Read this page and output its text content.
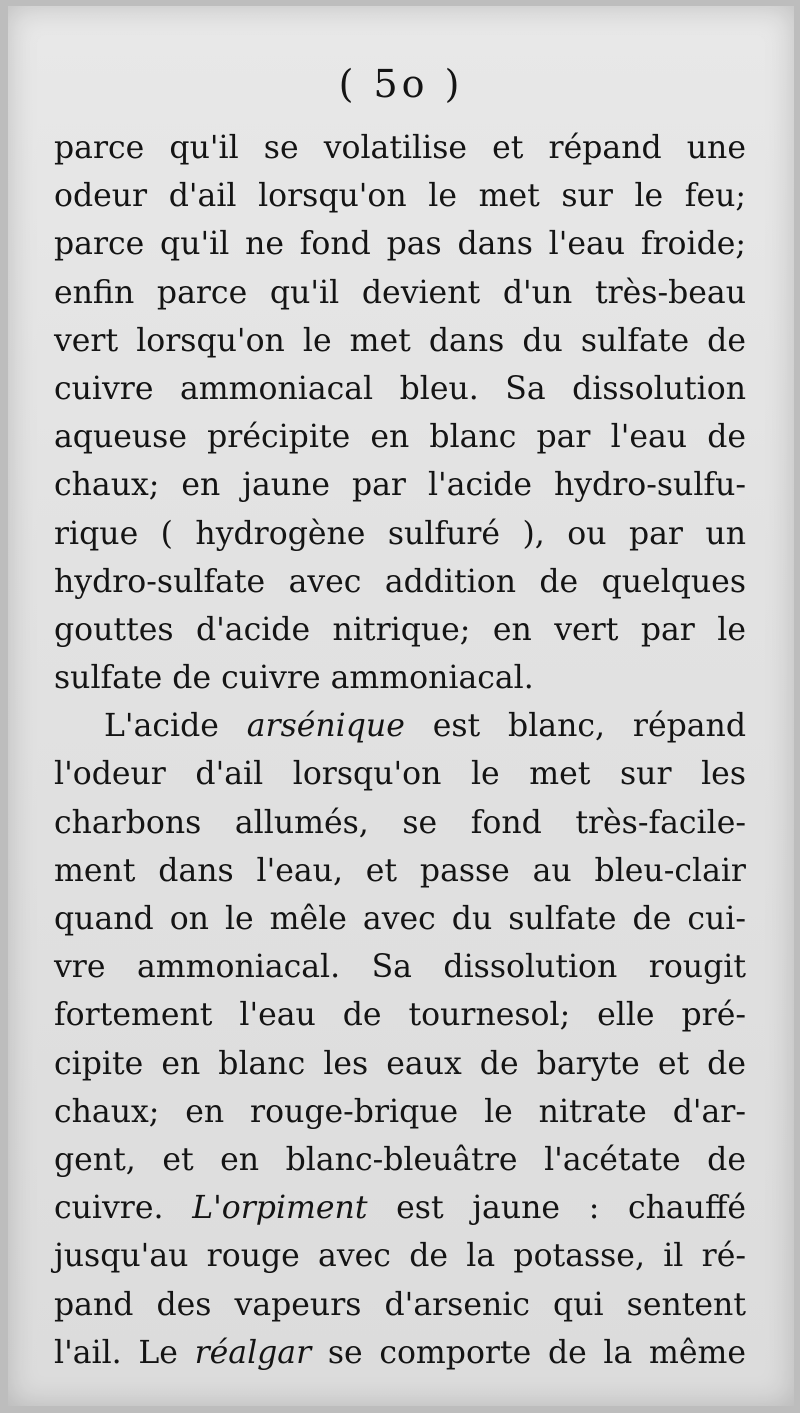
( 5o )
parce qu'il se volatilise et répand une
odeur d'ail lorsqu'on le met sur le feu;
parce qu'il ne fond pas dans l'eau froide;
enfin parce qu'il devient d'un très-beau
vert lorsqu'on le met dans du sulfate de
cuivre ammoniacal bleu. Sa dissolution
aqueuse précipite en blanc par l'eau de
chaux; en jaune par l'acide hydro-sulfu-
rique ( hydrogène sulfuré ), ou par un
hydro-sulfate avec addition de quelques
gouttes d'acide nitrique; en vert par le
sulfate de cuivre ammoniacal.
L'acide arsénique est blanc, répand
l'odeur d'ail lorsqu'on le met sur les
charbons allumés, se fond très-facile-
ment dans l'eau, et passe au bleu-clair
quand on le mêle avec du sulfate de cui-
vre ammoniacal. Sa dissolution rougit
fortement l'eau de tournesol; elle pré-
cipite en blanc les eaux de baryte et de
chaux; en rouge-brique le nitrate d'ar-
gent, et en blanc-bleuâtre l'acétate de
cuivre. L'orpiment est jaune : chauffé
jusqu'au rouge avec de la potasse, il ré-
pand des vapeurs d'arsenic qui sentent
l'ail. Le réalgar se comporte de la même
